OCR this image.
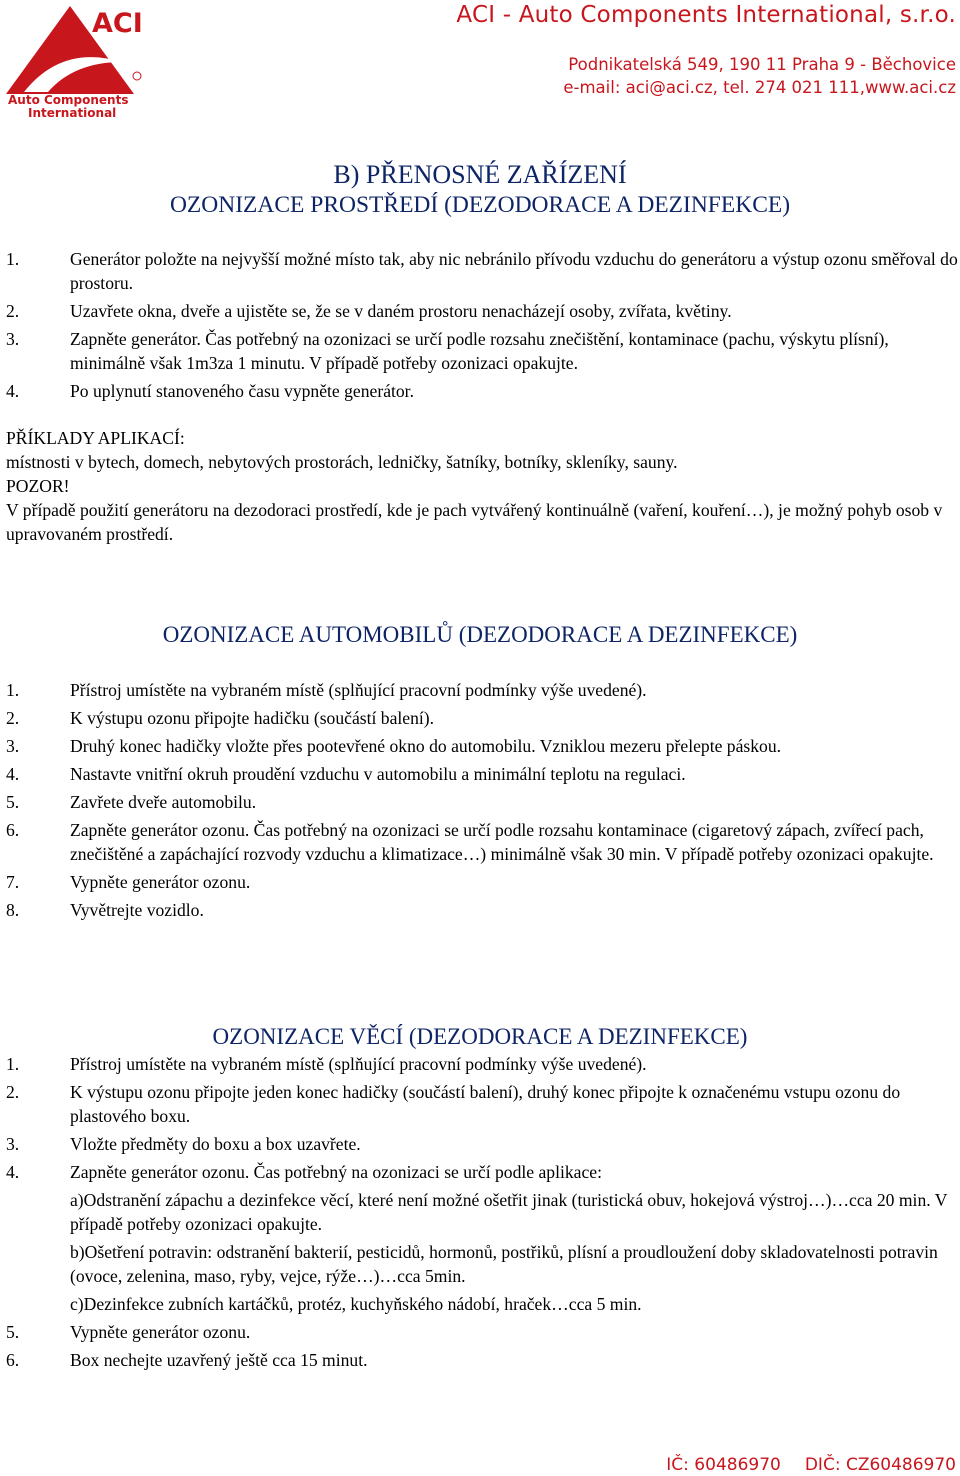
ACI
Auto Components
International
ACI - Auto Components International, s.r.o.
Podnikatelská 549, 190 11 Praha 9 - Běchovice
e-mail: aci@aci.cz, tel. 274 021 111,www.aci.cz
B) PŘENOSNÉ ZAŘÍZENÍ
OZONIZACE PROSTŘEDÍ (DEZODORACE A DEZINFEKCE)
1.	Generátor položte na nejvyšší možné místo tak, aby nic nebránilo přívodu vzduchu do generátoru a výstup ozonu směřoval do prostoru.
2.	Uzavřete okna, dveře a ujistěte se, že se v daném prostoru nenacházejí osoby, zvířata, květiny.
3.	Zapněte generátor. Čas potřebný na ozonizaci se určí podle rozsahu znečištění, kontaminace (pachu, výskytu plísní), minimálně však 1m3za 1 minutu. V případě potřeby ozonizaci opakujte.
4.	Po uplynutí stanoveného času vypněte generátor.
PŘÍKLADY APLIKACÍ:
místnosti v bytech, domech, nebytových prostorách, ledničky, šatníky, botníky, skleníky, sauny.
POZOR!
V případě použití generátoru na dezodoraci prostředí, kde je pach vytvářený kontinuálně (vaření, kouření…), je možný pohyb osob v upravovaném prostředí.
OZONIZACE AUTOMOBILŮ (DEZODORACE A DEZINFEKCE)
1.	Přístroj umístěte na vybraném místě (splňující pracovní podmínky výše uvedené).
2.	K výstupu ozonu připojte hadičku (součástí balení).
3.	Druhý konec hadičky vložte přes pootevřené okno do automobilu. Vzniklou mezeru přelepte páskou.
4.	Nastavte vnitřní okruh proudění vzduchu v automobilu a minimální teplotu na regulaci.
5.	Zavřete dveře automobilu.
6.	Zapněte generátor ozonu. Čas potřebný na ozonizaci se určí podle rozsahu kontaminace (cigaretový zápach, zvířecí pach, znečištěné a zapáchající rozvody vzduchu a klimatizace…) minimálně však 30 min. V případě potřeby ozonizaci opakujte.
7.	Vypněte generátor ozonu.
8.	Vyvětrejte vozidlo.
OZONIZACE VĚCÍ (DEZODORACE A DEZINFEKCE)
1.	Přístroj umístěte na vybraném místě (splňující pracovní podmínky výše uvedené).
2.	K výstupu ozonu připojte jeden konec hadičky (součástí balení), druhý konec připojte k označenému vstupu ozonu do plastového boxu.
3.	Vložte předměty do boxu a box uzavřete.
4.	Zapněte generátor ozonu. Čas potřebný na ozonizaci se určí podle aplikace:
a)Odstranění zápachu a dezinfekce věcí, které není možné ošetřit jinak (turistická obuv, hokejová výstroj…)…cca 20 min. V případě potřeby ozonizaci opakujte.
b)Ošetření potravin: odstranění bakterií, pesticidů, hormonů, postřiků, plísní a proudloužení doby skladovatelnosti potravin (ovoce, zelenina, maso, ryby, vejce, rýže…)…cca 5min.
c)Dezinfekce zubních kartáčků, protéz, kuchyňského nádobí, hraček…cca 5 min.
5.	Vypněte generátor ozonu.
6.	Box nechejte uzavřený ještě cca 15 minut.
IČ: 60486970 DIČ: CZ60486970
